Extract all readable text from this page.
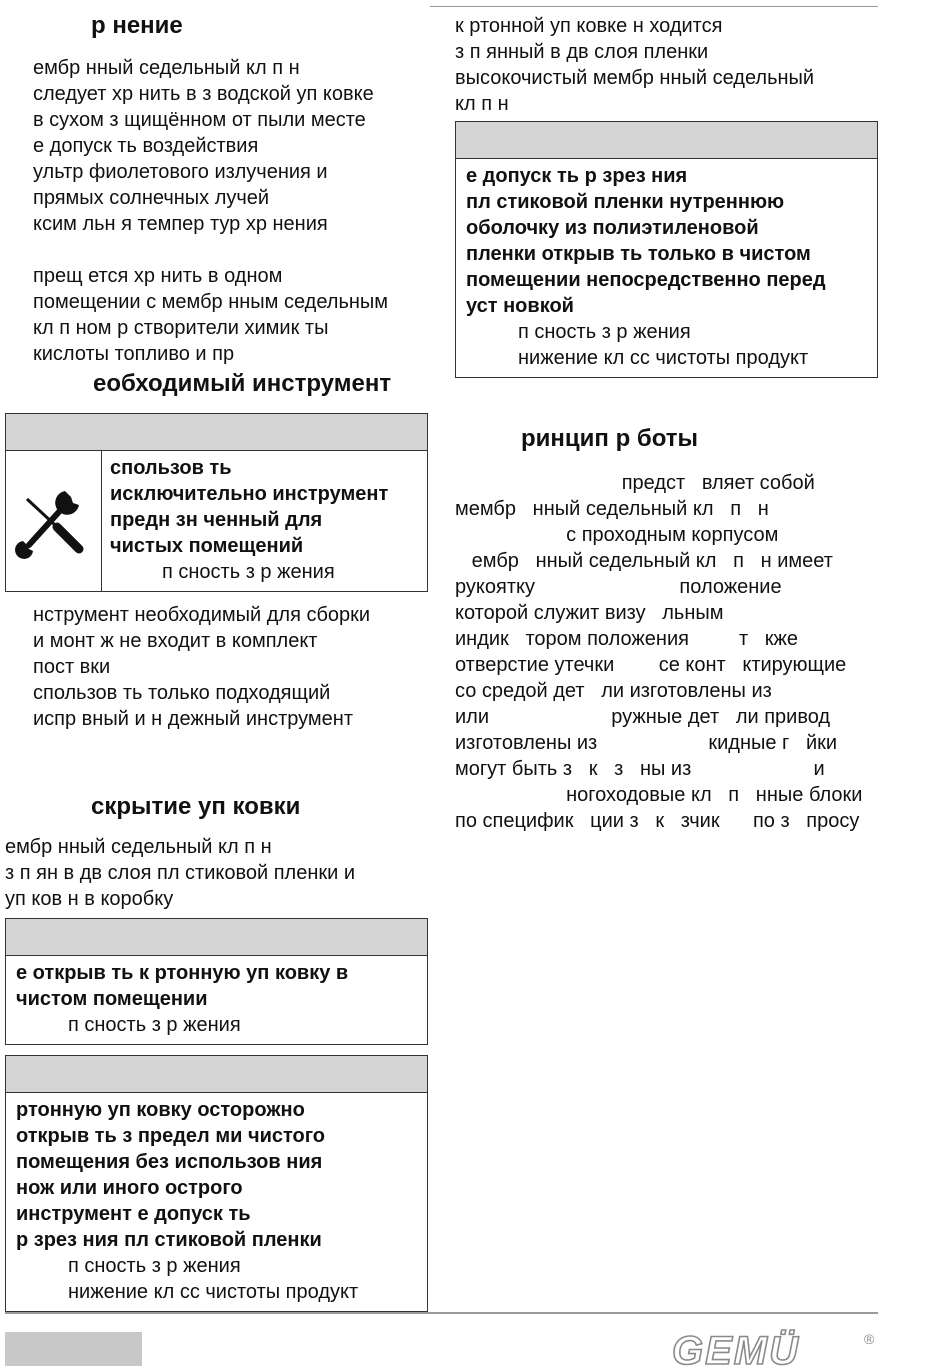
р нение

ембр нный седельный кл п н

следует хр нить в з водской уп ковке

в сухом з щищённом от пыли месте

е допуск ть воздействия

ультр фиолетового излучения и

прямых солнечных лучей

ксим льн я темпер тур хр нения

прещ ется хр нить в одном

помещении с мембр нным седельным

кл п ном р створители химик ты

кислоты топливо и пр

еобходимый инструмент

спользов ть

исключительно инструмент

предн зн ченный для

чистых помещений

п сность з р жения

нструмент необходимый для сборки

и монт ж не входит в комплект

пост вки

спользов ть только подходящий

испр вный и н дежный инструмент

скрытие уп ковки

ембр нный седельный кл п н

з п ян в дв слоя пл стиковой пленки и

уп ков н в коробку

е открыв ть к ртонную уп ковку в

чистом помещении

п сность з р жения

ртонную уп ковку осторожно

открыв ть з предел ми чистого

помещения без использов ния

нож или иного острого

инструмент е допуск ть

р зрез ния пл стиковой пленки

п сность з р жения

нижение кл сс чистоты продукт

к ртонной уп ковке н ходится

з п янный в дв слоя пленки

высокочистый мембр нный седельный

кл п н

е допуск ть р зрез ния

пл стиковой пленки нутреннюю

оболочку из полиэтиленовой

пленки открыв ть только в чистом

помещении непосредственно перед

уст новкой

п сность з р жения

нижение кл сс чистоты продукт

ринцип р боты

предст   вляет собой

мембр   нный седельный кл   п   н

с проходным корпусом

ембр   нный седельный кл   п   н имеет

рукоятку                          положение

которой служит визу   льным

индик   тором положения         т   кже

отверстие утечки        се конт   ктирующие

со средой дет   ли изготовлены из

или                      ружные дет   ли привод

изготовлены из                    кидные г   йки

могут быть з   к   з   ны из                      и

ногоходовые кл   п   нные блоки

по специфик   ции з   к   зчик      по з   просу

GEMÜ	®
